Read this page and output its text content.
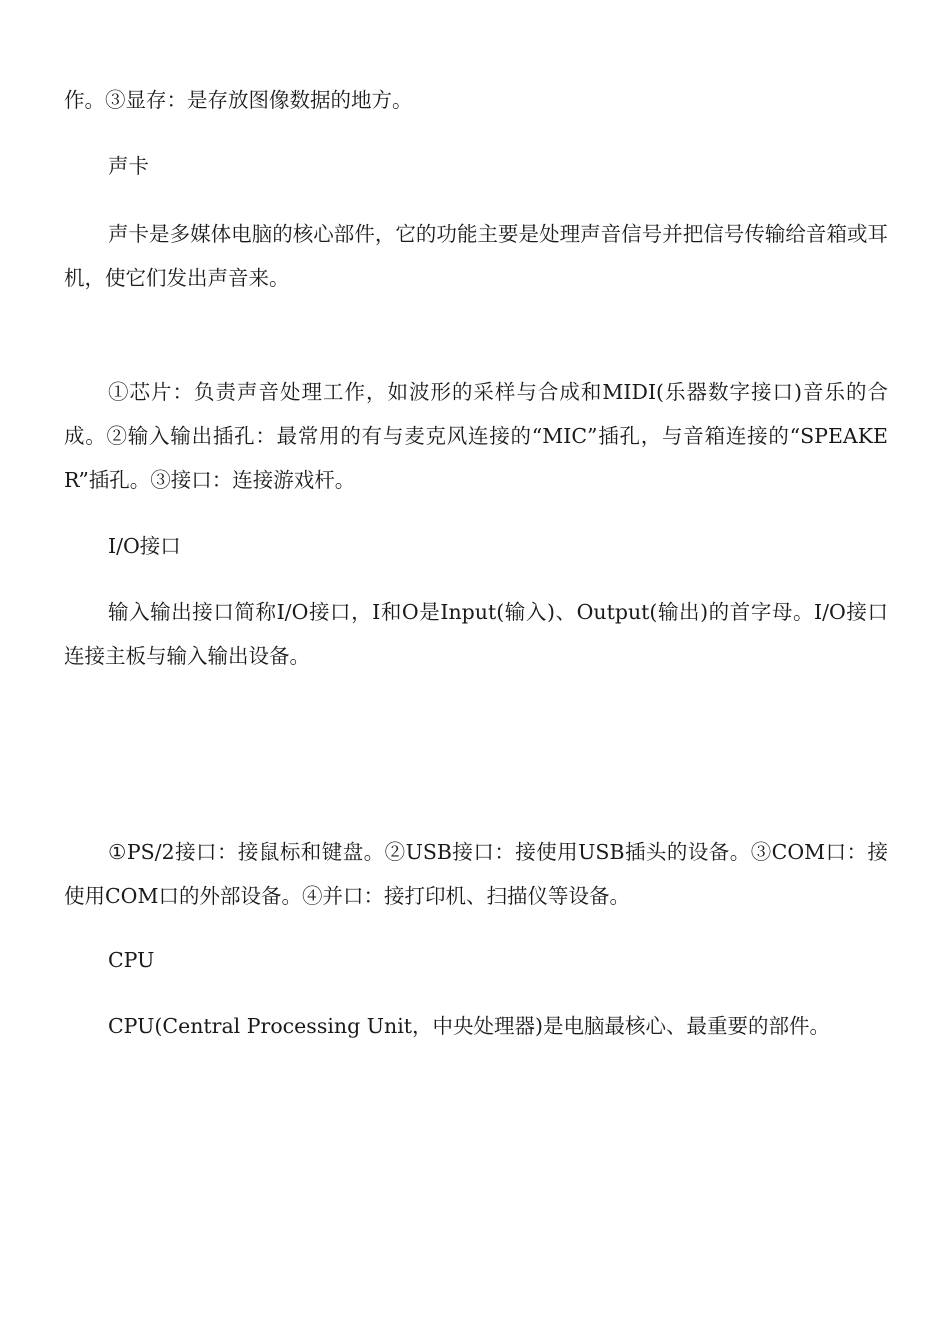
作。③显存：是存放图像数据的地方。

声卡

声卡是多媒体电脑的核心部件，它的功能主要是处理声音信号并把信号传输给音箱或耳机，使它们发出声音来。

①芯片：负责声音处理工作，如波形的采样与合成和MIDI(乐器数字接口)音乐的合成。②输入输出插孔：最常用的有与麦克风连接的“MIC”插孔，与音箱连接的“SPEAKER”插孔。③接口：连接游戏杆。

I/O接口

输入输出接口简称I/O接口，I和O是Input(输入)、Output(输出)的首字母。I/O接口连接主板与输入输出设备。

①PS/2接口：接鼠标和键盘。②USB接口：接使用USB插头的设备。③COM口：接使用COM口的外部设备。④并口：接打印机、扫描仪等设备。

CPU

CPU(Central Processing Unit，中央处理器)是电脑最核心、最重要的部件。
